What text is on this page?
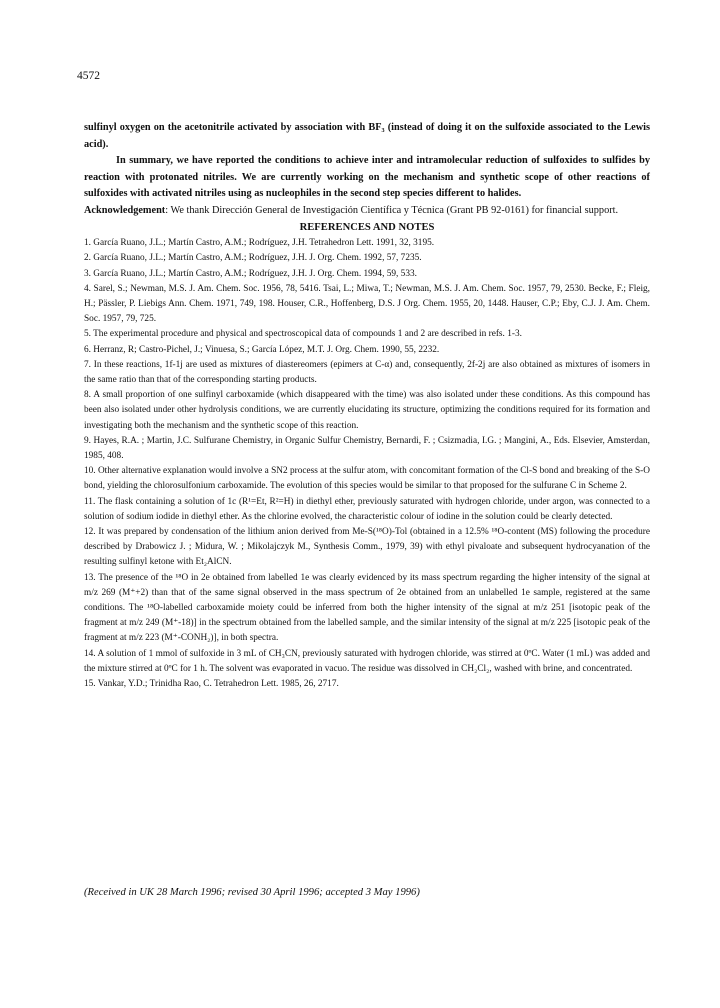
4572

sulfinyl oxygen on the acetonitrile activated by association with BF₃ (instead of doing it on the sulfoxide associated to the Lewis acid).

In summary, we have reported the conditions to achieve inter and intramolecular reduction of sulfoxides to sulfides by reaction with protonated nitriles. We are currently working on the mechanism and synthetic scope of other reactions of sulfoxides with activated nitriles using as nucleophiles in the second step species different to halides.

Acknowledgement: We thank Dirección General de Investigación Científica y Técnica (Grant PB 92-0161) for financial support.

REFERENCES AND NOTES

1. García Ruano, J.L.; Martín Castro, A.M.; Rodríguez, J.H. Tetrahedron Lett. 1991, 32, 3195.

2. García Ruano, J.L.; Martín Castro, A.M.; Rodríguez, J.H. J. Org. Chem. 1992, 57, 7235.

3. García Ruano, J.L.; Martín Castro, A.M.; Rodríguez, J.H. J. Org. Chem. 1994, 59, 533.

4. Sarel, S.; Newman, M.S. J. Am. Chem. Soc. 1956, 78, 5416. Tsai, L.; Miwa, T.; Newman, M.S. J. Am. Chem. Soc. 1957, 79, 2530. Becke, F.; Fleig, H.; Pässler, P. Liebigs Ann. Chem. 1971, 749, 198. Houser, C.R., Hoffenberg, D.S. J Org. Chem. 1955, 20, 1448. Hauser, C.P.; Eby, C.J. J. Am. Chem. Soc. 1957, 79, 725.

5. The experimental procedure and physical and spectroscopical data of compounds 1 and 2 are described in refs. 1-3.

6. Herranz, R; Castro-Pichel, J.; Vinuesa, S.; García López, M.T. J. Org. Chem. 1990, 55, 2232.

7. In these reactions, 1f-1j are used as mixtures of diastereomers (epimers at C-α) and, consequently, 2f-2j are also obtained as mixtures of isomers in the same ratio than that of the corresponding starting products.

8. A small proportion of one sulfinyl carboxamide (which disappeared with the time) was also isolated under these conditions. As this compound has been also isolated under other hydrolysis conditions, we are currently elucidating its structure, optimizing the conditions required for its formation and investigating both the mechanism and the synthetic scope of this reaction.

9. Hayes, R.A. ; Martin, J.C. Sulfurane Chemistry, in Organic Sulfur Chemistry, Bernardi, F. ; Csizmadia, I.G. ; Mangini, A., Eds. Elsevier, Amsterdan, 1985, 408.

10. Other alternative explanation would involve a SN2 process at the sulfur atom, with concomitant formation of the Cl-S bond and breaking of the S-O bond, yielding the chlorosulfonium carboxamide. The evolution of this species would be similar to that proposed for the sulfurane C in Scheme 2.

11. The flask containing a solution of 1c (R¹=Et, R²=H) in diethyl ether, previously saturated with hydrogen chloride, under argon, was connected to a solution of sodium iodide in diethyl ether. As the chlorine evolved, the characteristic colour of iodine in the solution could be clearly detected.

12. It was prepared by condensation of the lithium anion derived from Me-S(¹⁸O)-Tol (obtained in a 12.5% ¹⁸O-content (MS) following the procedure described by Drabowicz J. ; Midura, W. ; Mikolajczyk M., Synthesis Comm., 1979, 39) with ethyl pivaloate and subsequent hydrocyanation of the resulting sulfinyl ketone with Et₂AlCN.

13. The presence of the ¹⁸O in 2e obtained from labelled 1e was clearly evidenced by its mass spectrum regarding the higher intensity of the signal at m/z 269 (M⁺+2) than that of the same signal observed in the mass spectrum of 2e obtained from an unlabelled 1e sample, registered at the same conditions. The ¹⁸O-labelled carboxamide moiety could be inferred from both the higher intensity of the signal at m/z 251 [isotopic peak of the fragment at m/z 249 (M⁺-18)] in the spectrum obtained from the labelled sample, and the similar intensity of the signal at m/z 225 [isotopic peak of the fragment at m/z 223 (M⁺-CONH₂)], in both spectra.

14. A solution of 1 mmol of sulfoxide in 3 mL of CH₃CN, previously saturated with hydrogen chloride, was stirred at 0ºC. Water (1 mL) was added and the mixture stirred at 0ºC for 1 h. The solvent was evaporated in vacuo. The residue was dissolved in CH₂Cl₂, washed with brine, and concentrated.

15. Vankar, Y.D.; Trinidha Rao, C. Tetrahedron Lett. 1985, 26, 2717.

(Received in UK 28 March 1996; revised 30 April 1996; accepted 3 May 1996)
